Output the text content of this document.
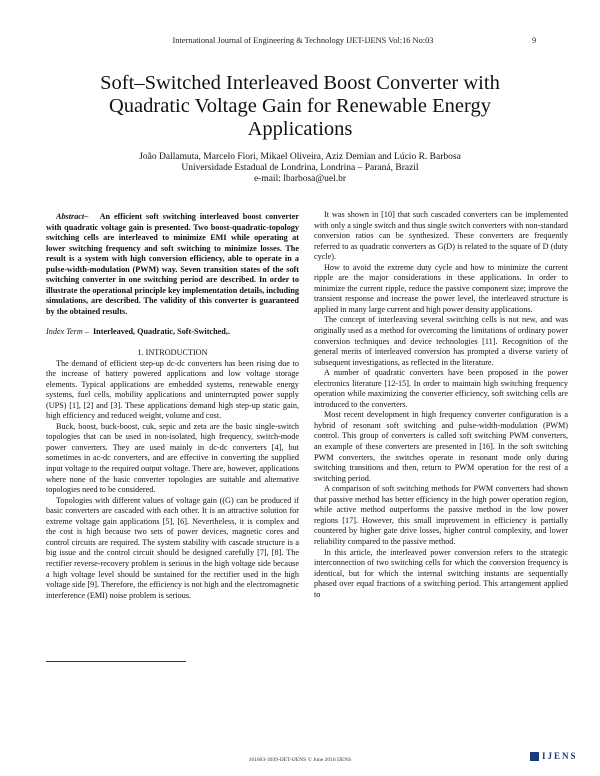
International Journal of Engineering & Technology IJET-IJENS Vol:16 No:03	9
Soft–Switched Interleaved Boost Converter with
Quadratic Voltage Gain for Renewable Energy
Applications
João Dallamuta, Marcelo Fiori, Mikael Oliveira, Aziz Demian and Lúcio R. Barbosa
Universidade Estadual de Londrina, Londrina – Paraná, Brazil
e-mail: lbarbosa@uel.br

Abstract– An efficient soft switching interleaved boost converter with quadratic voltage gain is presented. Two boost-quadratic-topology switching cells are interleaved to minimize EMI while operating at lower switching frequency and soft switching to minimize losses. The result is a system with high conversion efficiency, able to operate in a pulse-width-modulation (PWM) way. Seven transition states of the soft switching converter in one switching period are described. In order to illustrate the operational principle key implementation details, including simulations, are described. The validity of this converter is guaranteed by the obtained results.

Index Term – Interleaved, Quadratic, Soft-Switched,.

1. INTRODUCTION

The demand of efficient step-up dc-dc converters has been rising due to the increase of battery powered applications and low voltage storage elements. Typical applications are embedded systems, renewable energy systems, fuel cells, mobility applications and uninterrupted power supply (UPS) [1], [2] and [3]. These applications demand high step-up static gain, high efficiency and reduced weight, volume and cost.

Buck, boost, buck-boost, cuk, sepic and zeta are the basic single-switch topologies that can be used in non-isolated, high frequency, switch-mode power converters. They are used mainly in dc-dc converters [4], but sometimes in ac-dc converters, and are effective in converting the supplied input voltage to the required output voltage. There are, however, applications where none of the basic converter topologies are suitable and alternative topologies need to be considered.

Topologies with different values of voltage gain ((G) can be produced if basic converters are cascaded with each other. It is an attractive solution for extreme voltage gain applications [5], [6]. Nevertheless, it is complex and the cost is high because two sets of power devices, magnetic cores and control circuits are required. The system stability with cascade structure is a big issue and the control circuit should be designed carefully [7], [8]. The rectifier reverse-recovery problem is serious in the high voltage side because a high voltage level should be sustained for the rectifier used in the high voltage side [9]. Therefore, the efficiency is not high and the electromagnetic interference (EMI) noise problem is serious.

It was shown in [10] that such cascaded converters can be implemented with only a single switch and thus single switch converters with non-standard conversion ratios can be synthesized. These converters are frequently referred to as quadratic converters as G(D) is related to the square of D (duty cycle).

How to avoid the extreme duty cycle and how to minimize the current ripple are the major considerations in these applications. In order to minimize the current ripple, reduce the passive component size; improve the transient response and increase the power level, the interleaved structure is applied in many large current and high power density applications.

The concept of interleaving several switching cells is not new, and was originally used as a method for overcoming the limitations of ordinary power conversion techniques and device technologies [11]. Recognition of the general merits of interleaved conversion has prompted a diverse variety of subsequent investigations, as reflected in the literature.

A number of quadratic converters have been proposed in the power electronics literature [12-15]. In order to maintain high switching frequency operation while maximizing the converter efficiency, soft switching cells are introduced to the converters.

Most recent development in high frequency converter configuration is a hybrid of resonant soft switching and pulse-width-modulation (PWM) control. This group of converters is called soft switching PWM converters, an example of these converters are presented in [16]. In the soft switching PWM converters, the switches operate in resonant mode only during switching transitions and then, return to PWM operation for the rest of a switching period.

A comparison of soft switching methods for PWM converters had shown that passive method has better efficiency in the high power operation region, while active method outperforms the passive method in the low power regions [17]. However, this small improvement in efficiency is partially countered by higher gate drive losses, higher control complexity, and lower reliability compared to the passive method.

In this article, the interleaved power conversion refers to the strategic interconnection of two switching cells for which the conversion frequency is identical, but for which the internal switching instants are sequentially phased over equal fractions of a switching period. This arrangement applied to

161603-3939-IJET-IJENS © June 2016 IJENS	IJENS
